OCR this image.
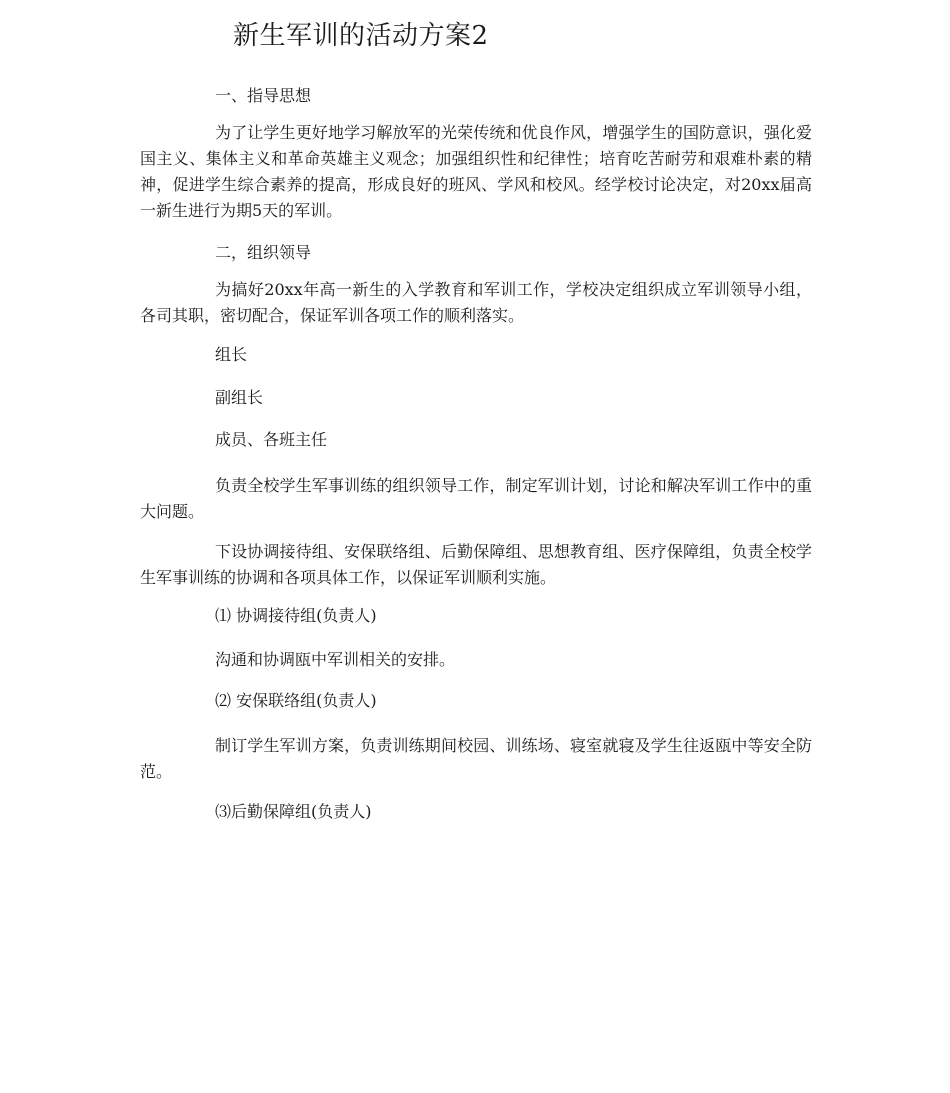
新生军训的活动方案2

一、指导思想

为了让学生更好地学习解放军的光荣传统和优良作风，增强学生的国防意识，强化爱国主义、集体主义和革命英雄主义观念；加强组织性和纪律性；培育吃苦耐劳和艰难朴素的精神，促进学生综合素养的提高，形成良好的班风、学风和校风。经学校讨论决定，对20xx届高一新生进行为期5天的军训。

二，组织领导

为搞好20xx年高一新生的入学教育和军训工作，学校决定组织成立军训领导小组，各司其职，密切配合，保证军训各项工作的顺利落实。

组长

副组长

成员、各班主任

负责全校学生军事训练的组织领导工作，制定军训计划，讨论和解决军训工作中的重大问题。

下设协调接待组、安保联络组、后勤保障组、思想教育组、医疗保障组，负责全校学生军事训练的协调和各项具体工作，以保证军训顺利实施。

⑴ 协调接待组(负责人)

沟通和协调瓯中军训相关的安排。

⑵ 安保联络组(负责人)

制订学生军训方案，负责训练期间校园、训练场、寝室就寝及学生往返瓯中等安全防范。

⑶后勤保障组(负责人)
